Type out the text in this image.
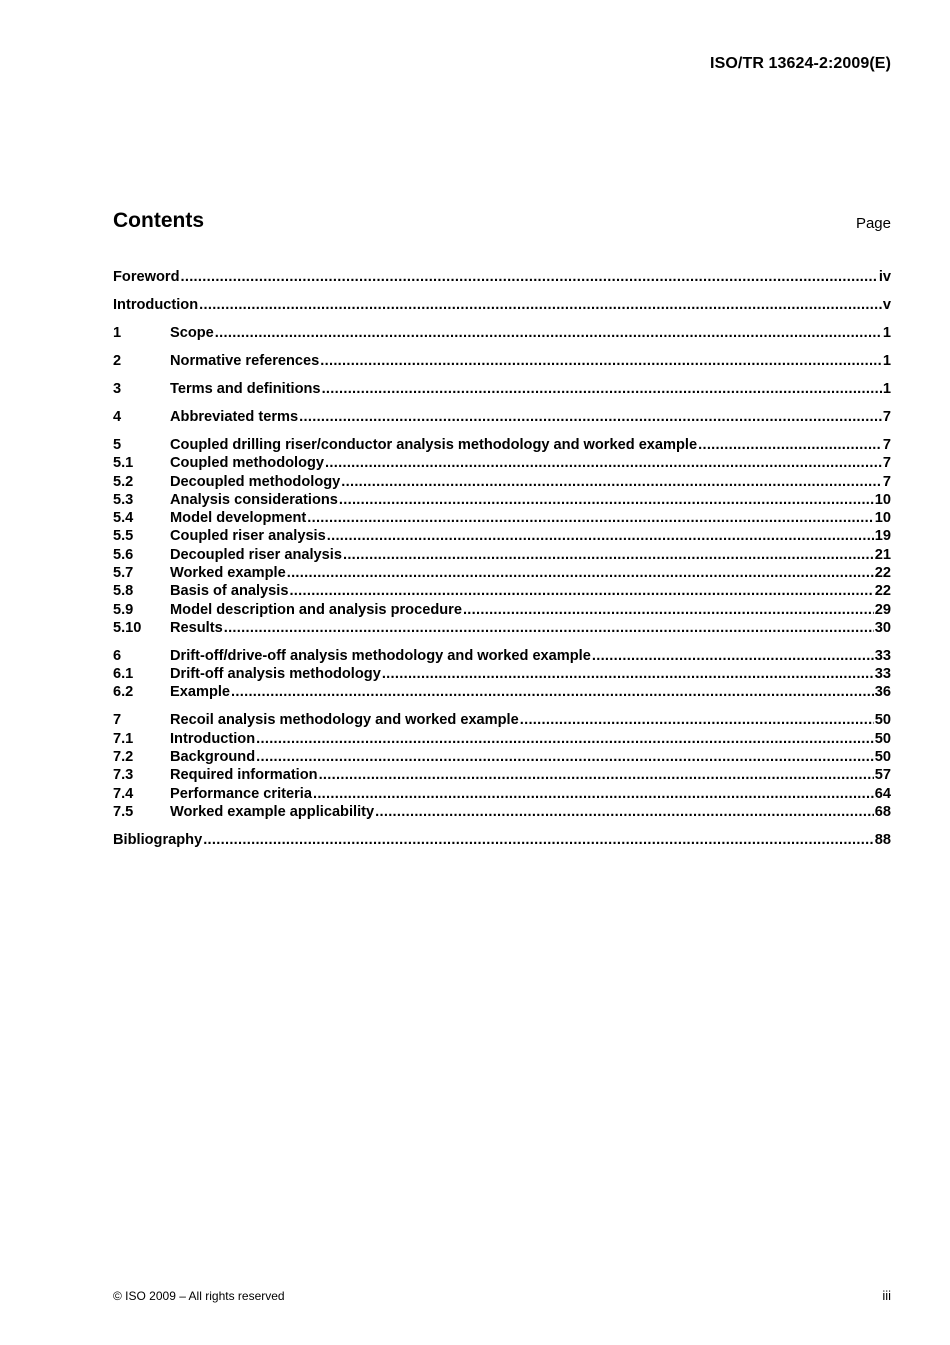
ISO/TR 13624-2:2009(E)
Contents	Page
Foreword .....	iv
Introduction .....	v
1	Scope .....	1
2	Normative references .....	1
3	Terms and definitions .....	1
4	Abbreviated terms .....	7
5	Coupled drilling riser/conductor analysis methodology and worked example .....	7
5.1	Coupled methodology .....	7
5.2	Decoupled methodology .....	7
5.3	Analysis considerations .....	10
5.4	Model development .....	10
5.5	Coupled riser analysis .....	19
5.6	Decoupled riser analysis .....	21
5.7	Worked example .....	22
5.8	Basis of analysis .....	22
5.9	Model description and analysis procedure .....	29
5.10	Results .....	30
6	Drift-off/drive-off analysis methodology and worked example .....	33
6.1	Drift-off analysis methodology .....	33
6.2	Example .....	36
7	Recoil analysis methodology and worked example .....	50
7.1	Introduction .....	50
7.2	Background .....	50
7.3	Required information .....	57
7.4	Performance criteria .....	64
7.5	Worked example applicability .....	68
Bibliography .....	88
© ISO 2009 – All rights reserved	iii
